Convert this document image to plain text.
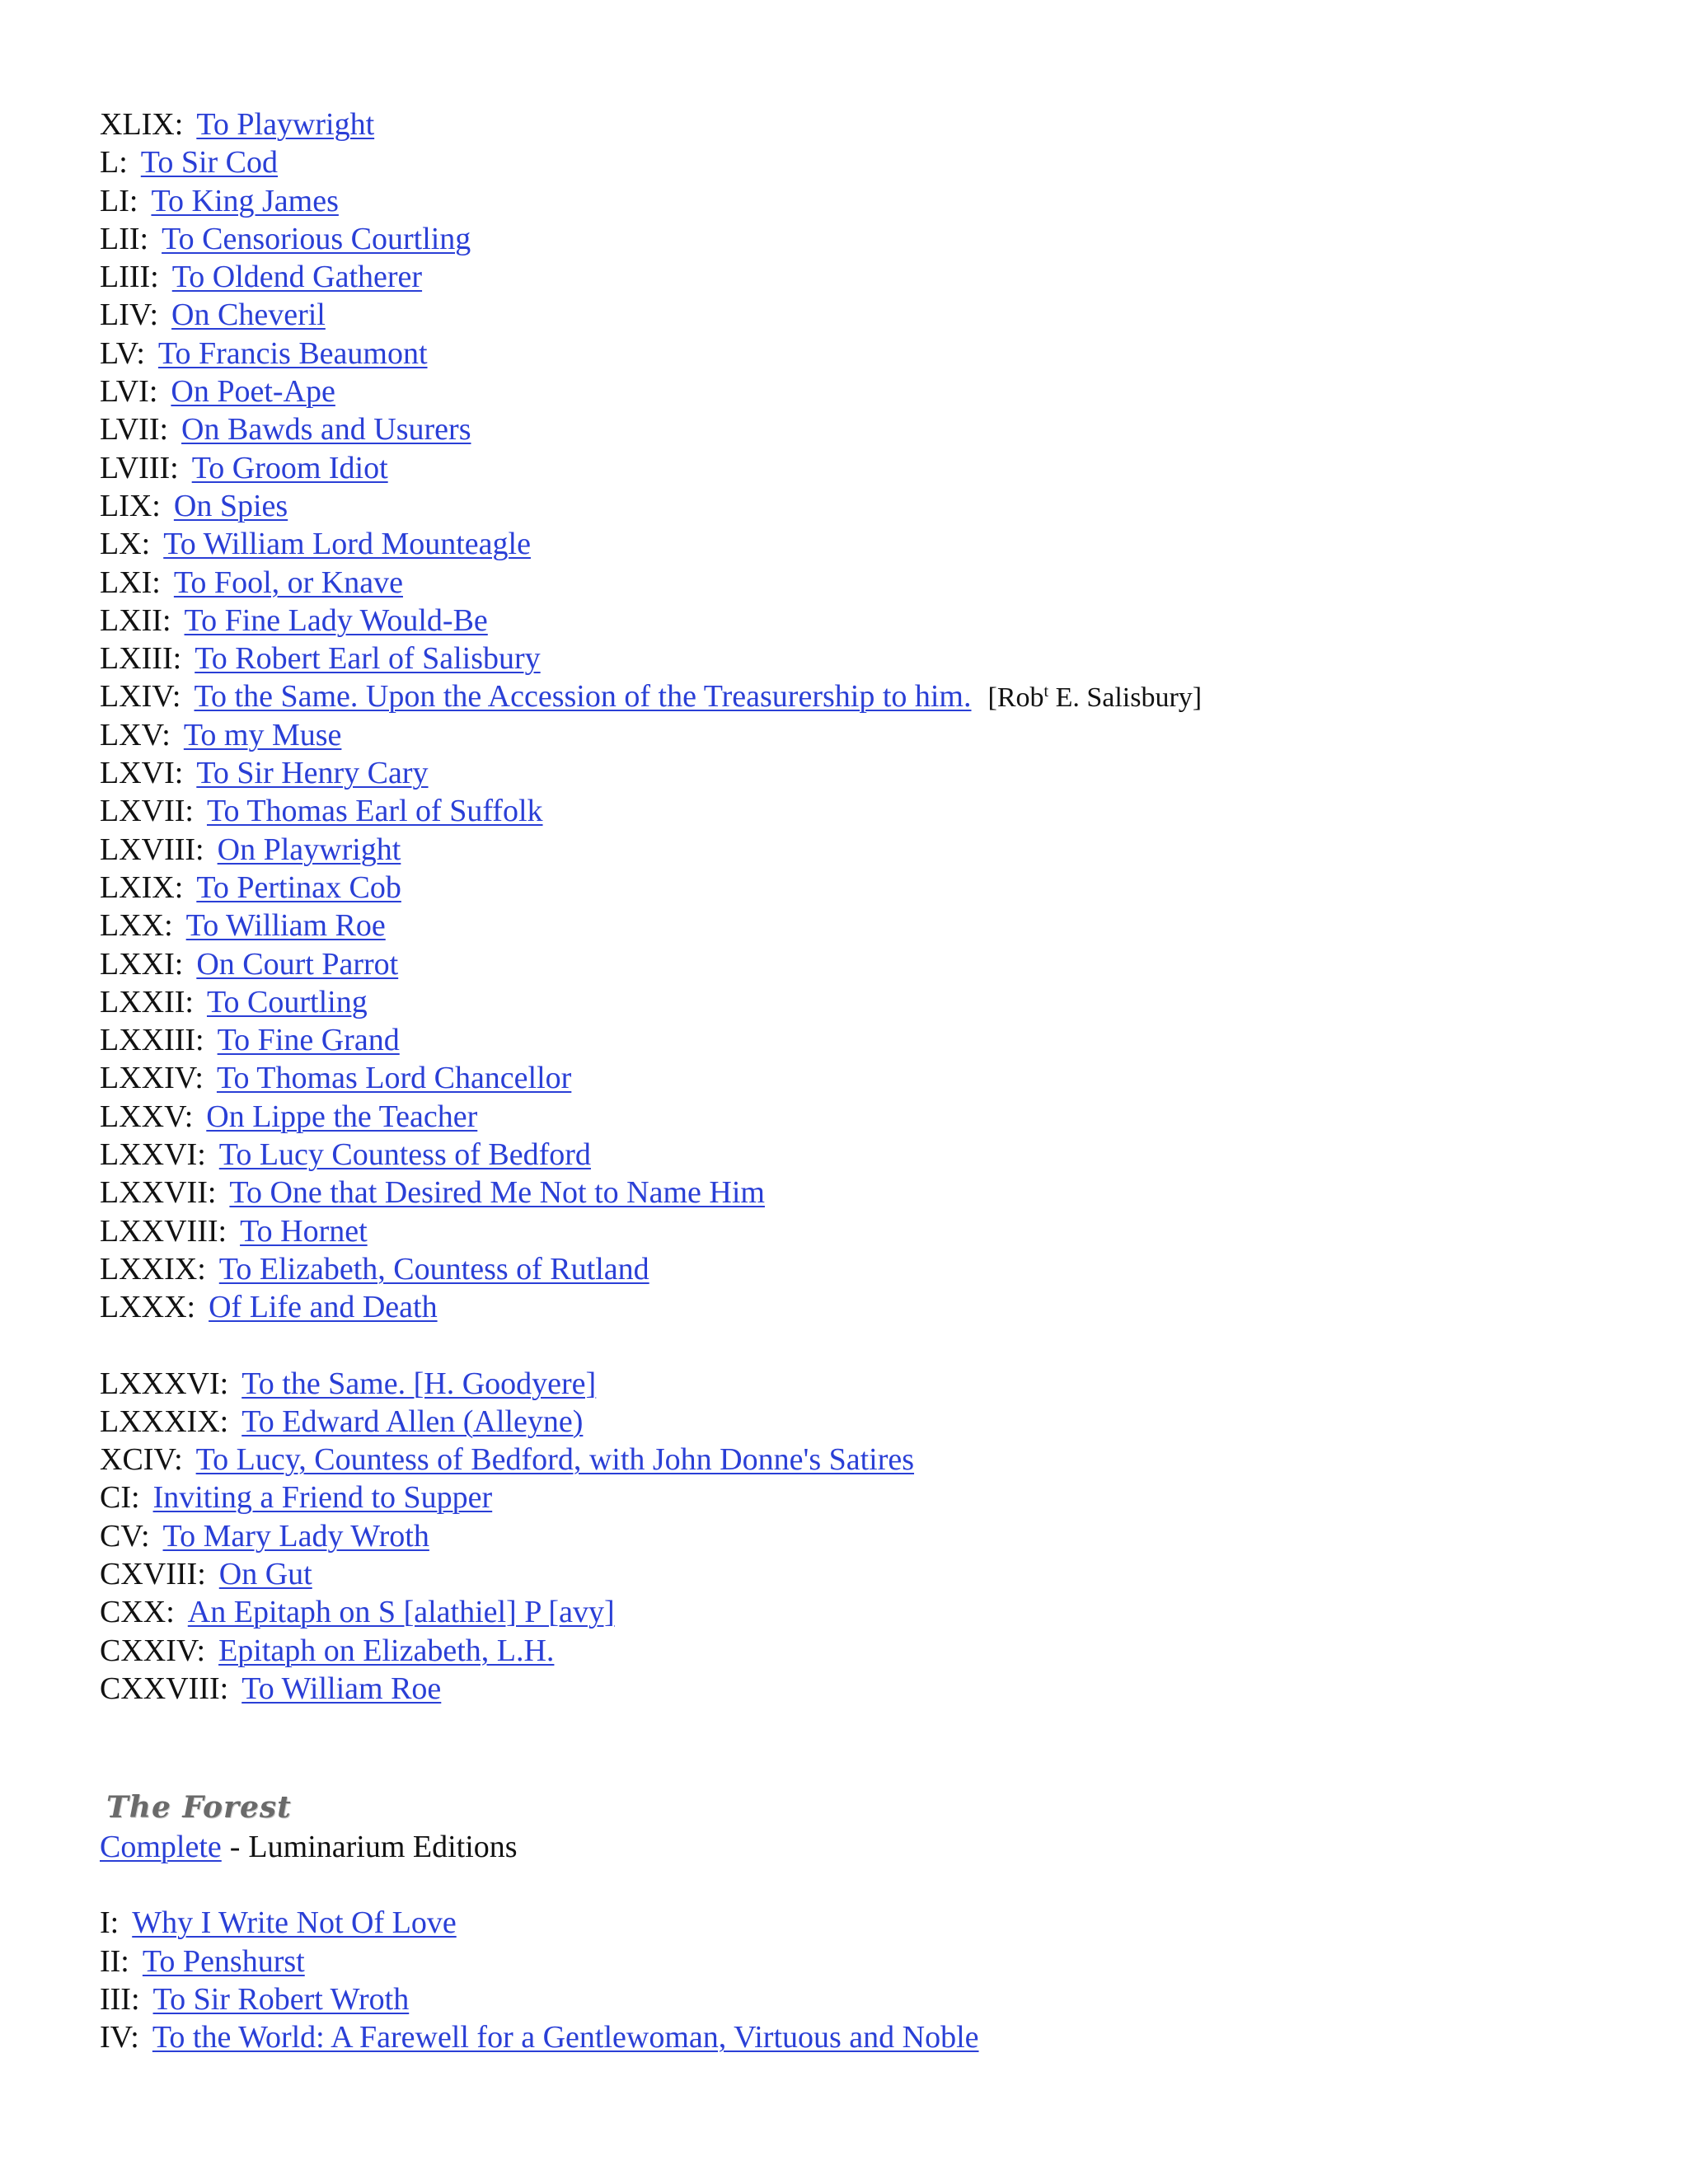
XLIX: To Playwright
L: To Sir Cod
LI: To King James
LII: To Censorious Courtling
LIII: To Oldend Gatherer
LIV: On Cheveril
LV: To Francis Beaumont
LVI: On Poet-Ape
LVII: On Bawds and Usurers
LVIII: To Groom Idiot
LIX: On Spies
LX: To William Lord Mounteagle
LXI: To Fool, or Knave
LXII: To Fine Lady Would-Be
LXIII: To Robert Earl of Salisbury
LXIV: To the Same. Upon the Accession of the Treasurership to him. [Rob$^t$ E. Salisbury]
LXV: To my Muse
LXVI: To Sir Henry Cary
LXVII: To Thomas Earl of Suffolk
LXVIII: On Playwright
LXIX: To Pertinax Cob
LXX: To William Roe
LXXI: On Court Parrot
LXXII: To Courtling
LXXIII: To Fine Grand
LXXIV: To Thomas Lord Chancellor
LXXV: On Lippe the Teacher
LXXVI: To Lucy Countess of Bedford
LXXVII: To One that Desired Me Not to Name Him
LXXVIII: To Hornet
LXXIX: To Elizabeth, Countess of Rutland
LXXX: Of Life and Death
LXXXVI: To the Same. [H. Goodyere]
LXXXIX: To Edward Allen (Alleyne)
XCIV: To Lucy, Countess of Bedford, with John Donne's Satires
CI: Inviting a Friend to Supper
CV: To Mary Lady Wroth
CXVIII: On Gut
CXX: An Epitaph on S [alathiel] P [avy]
CXXIV: Epitaph on Elizabeth, L.H.
CXXVIII: To William Roe
The Forest
Complete - Luminarium Editions
I: Why I Write Not Of Love
II: To Penshurst
III: To Sir Robert Wroth
IV: To the World: A Farewell for a Gentlewoman, Virtuous and Noble
